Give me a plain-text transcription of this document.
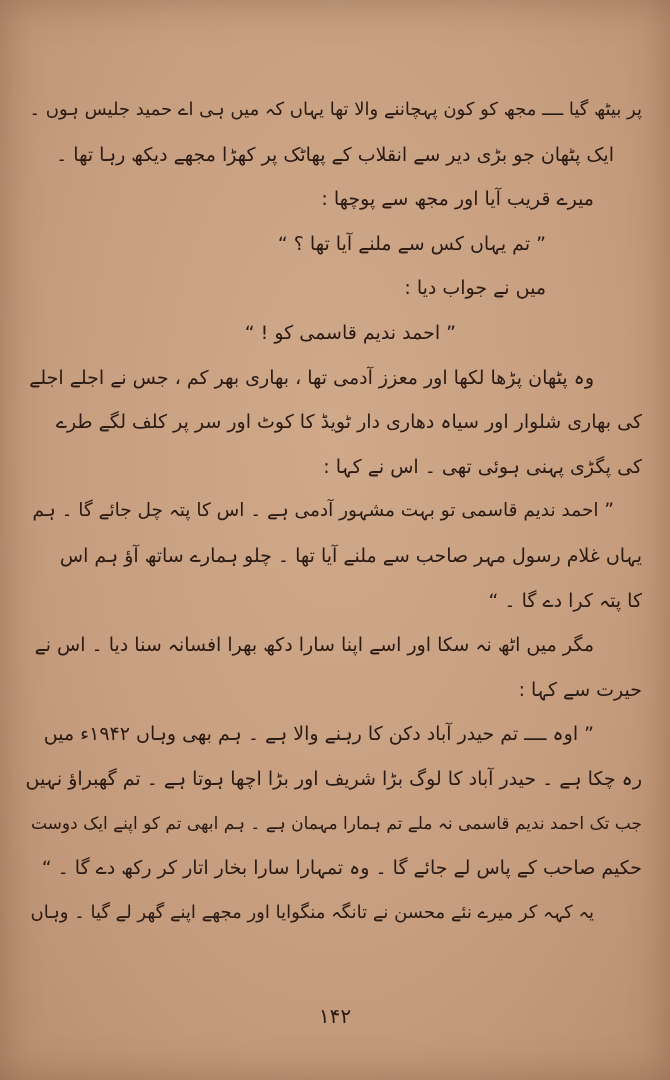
پر بیٹھ گیا ــــ مجھ کو کون پہچاننے والا تھا یہاں کہ میں ہی اے حمید جلیس ہوں ۔
ایک پٹھان جو بڑی دیر سے انقلاب کے پھاٹک پر کھڑا مجھے دیکھ رہا تھا ۔
میرے قریب آیا اور مجھ سے پوچھا :
” تم یہاں کس سے ملنے آیا تھا ؟ “
میں نے جواب دیا :
” احمد ندیم قاسمی کو ! “
وہ پٹھان پڑھا لکھا اور معزز آدمی تھا ، بھاری بھر کم ، جس نے اجلے اجلے
کی بھاری شلوار اور سیاہ دھاری دار ٹویڈ کا کوٹ اور سر پر کلف لگے طرے
کی پگڑی پہنی ہوئی تھی ۔ اس نے کہا :
” احمد ندیم قاسمی تو بہت مشہور آدمی ہے ۔ اس کا پتہ چل جائے گا ۔ ہم
یہاں غلام رسول مہر صاحب سے ملنے آیا تھا ۔ چلو ہمارے ساتھ آؤ ہم اس
کا پتہ کرا دے گا ۔ “
مگر میں اٹھ نہ سکا اور اسے اپنا سارا دکھ بھرا افسانہ سنا دیا ۔ اس نے
حیرت سے کہا :
” اوہ ــــ تم حیدر آباد دکن کا رہنے والا ہے ۔ ہم بھی وہاں ۱۹۴۲ء میں
رہ چکا ہے ۔ حیدر آباد کا لوگ بڑا شریف اور بڑا اچھا ہوتا ہے ۔ تم گھبراؤ نہیں
جب تک احمد ندیم قاسمی نہ ملے تم ہمارا مہمان ہے ۔ ہم ابھی تم کو اپنے ایک دوست
حکیم صاحب کے پاس لے جائے گا ۔ وہ تمہارا سارا بخار اتار کر رکھ دے گا ۔ “
یہ کہہ کر میرے نئے محسن نے تانگہ منگوایا اور مجھے اپنے گھر لے گیا ۔ وہاں
۱۴۲
